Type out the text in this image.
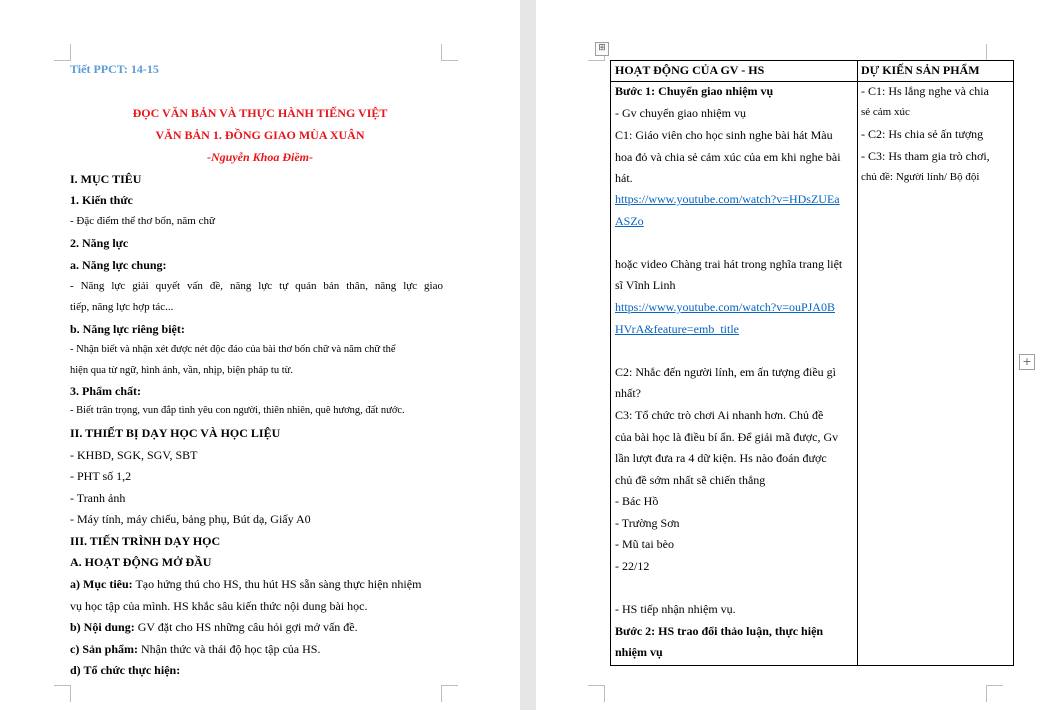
Tiết PPCT: 14-15
ĐỌC VĂN BẢN VÀ THỰC HÀNH TIẾNG VIỆT
VĂN BẢN 1. ĐỒNG GIAO MÙA XUÂN
-Nguyễn Khoa Điềm-
I. MỤC TIÊU
1. Kiến thức
- Đặc điểm thể thơ bốn, năm chữ
2. Năng lực
a. Năng lực chung:
- Năng lực giải quyết vấn đề, năng lực tự quản bản thân, năng lực giao
tiếp, năng lực hợp tác...
b. Năng lực riêng biệt:
- Nhận biết và nhận xét được nét độc đáo của bài thơ bốn chữ và năm chữ thể
hiện qua từ ngữ, hình ảnh, vần, nhịp, biện pháp tu từ.
3. Phẩm chất:
- Biết trân trọng, vun đắp tình yêu con người, thiên nhiên, quê hương, đất nước.
II. THIẾT BỊ DẠY HỌC VÀ HỌC LIỆU
- KHBD, SGK, SGV, SBT
- PHT số 1,2
- Tranh ảnh
- Máy tính, máy chiếu, bảng phụ, Bút dạ, Giấy A0
III. TIẾN TRÌNH DẠY HỌC
A. HOẠT ĐỘNG MỞ ĐẦU
a) Mục tiêu: Tạo hứng thú cho HS, thu hút HS sẵn sàng thực hiện nhiệm
vụ học tập của mình. HS khắc sâu kiến thức nội dung bài học.
b) Nội dung: GV đặt cho HS những câu hỏi gợi mở vấn đề.
c) Sản phẩm: Nhận thức và thái độ học tập của HS.
d) Tổ chức thực hiện:
⊞
+
HOẠT ĐỘNG CỦA GV - HS	DỰ KIẾN SẢN PHẨM
Bước 1: Chuyển giao nhiệm vụ
- Gv chuyển giao nhiệm vụ
C1: Giáo viên cho học sinh nghe bài hát Màu
hoa đỏ và chia sẻ cảm xúc của em khi nghe bài
hát.
https://www.youtube.com/watch?v=HDsZUEa
ASZo
hoặc video Chàng trai hát trong nghĩa trang liệt
sĩ Vĩnh Linh
https://www.youtube.com/watch?v=ouPJA0B
HVrA&feature=emb_title
C2: Nhắc đến người lính, em ấn tượng điều gì
nhất?
C3: Tổ chức trò chơi Ai nhanh hơn. Chủ đề
của bài học là điều bí ẩn. Để giải mã được, Gv
lần lượt đưa ra 4 dữ kiện. Hs nào đoán được
chủ đề sớm nhất sẽ chiến thắng
- Bác Hồ
- Trường Sơn
- Mũ tai bèo
- 22/12
- HS tiếp nhận nhiệm vụ.
Bước 2: HS trao đổi thảo luận, thực hiện
nhiệm vụ
- C1: Hs lắng nghe và chia
sẻ cảm xúc
- C2: Hs chia sẻ ấn tượng
- C3: Hs tham gia trò chơi,
chủ đề: Người lính/ Bộ đội
